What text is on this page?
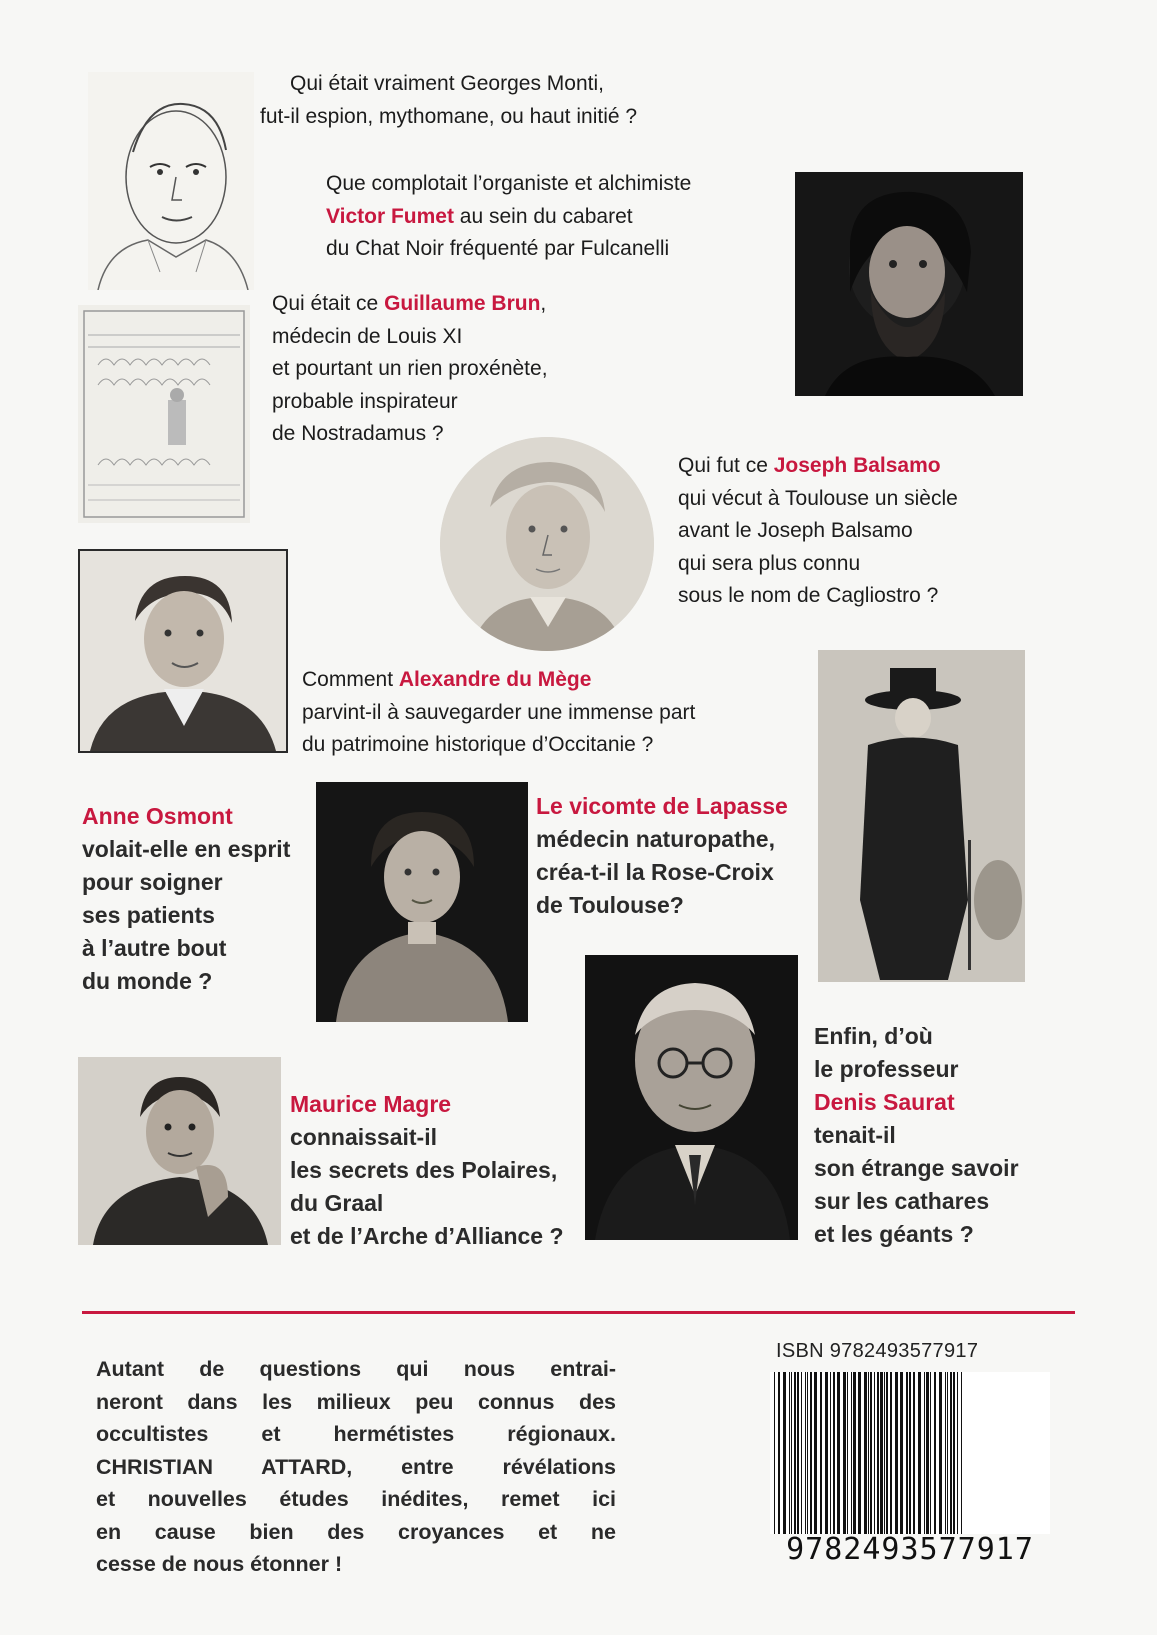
Qui était vraiment Georges Monti,
fut-il espion, mythomane, ou haut initié ?
Que complotait l’organiste et alchimiste
Victor Fumet au sein du cabaret
du Chat Noir fréquenté par Fulcanelli
Qui était ce Guillaume Brun,
médecin de Louis XI
et pourtant un rien proxénète,
probable inspirateur
de Nostradamus ?
Qui fut ce Joseph Balsamo
qui vécut à Toulouse un siècle
avant le Joseph Balsamo
qui sera plus connu
sous le nom de Cagliostro ?
Comment Alexandre du Mège
parvint-il à sauvegarder une immense part
du patrimoine historique d’Occitanie ?
Anne Osmont
volait-elle en esprit
pour soigner
ses patients
à l’autre bout
du monde ?
Le vicomte de Lapasse
médecin naturopathe,
créa-t-il la Rose-Croix
de Toulouse?
Enfin, d’où
le professeur
Denis Saurat
tenait-il
son étrange savoir
sur les cathares
et les géants ?
Maurice Magre
connaissait-il
les secrets des Polaires,
du Graal
et de l’Arche d’Alliance ?
Autant de questions qui nous entrai-
neront dans les milieux peu connus des
occultistes et hermétistes régionaux.
CHRISTIAN ATTARD, entre révélations
et nouvelles études inédites, remet ici
en cause bien des croyances et ne
cesse de nous étonner !
ISBN 9782493577917
9782493577917
